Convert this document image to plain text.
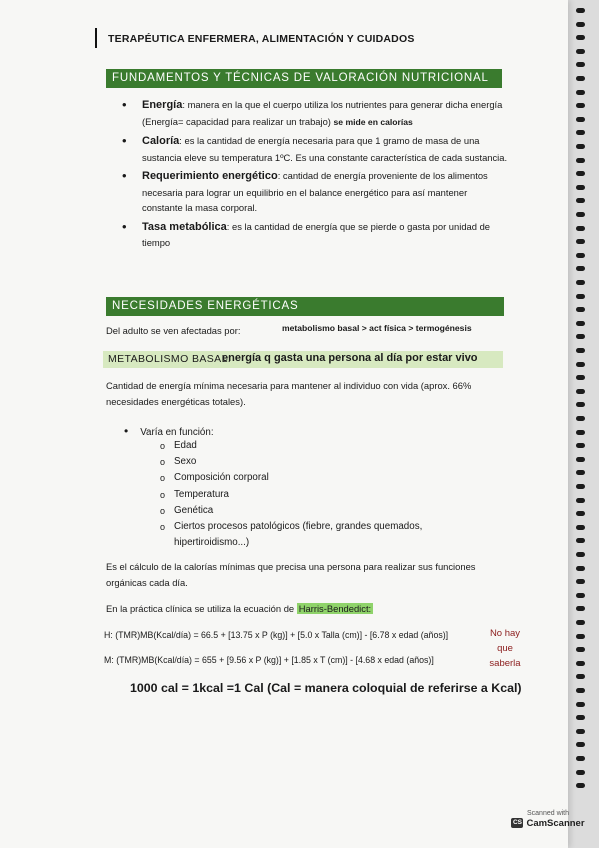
TERAPÉUTICA ENFERMERA, ALIMENTACIÓN Y CUIDADOS
FUNDAMENTOS Y TÉCNICAS DE VALORACIÓN NUTRICIONAL
• Energía: manera en la que el cuerpo utiliza los nutrientes para generar dicha energía (Energía= capacidad para realizar un trabajo) se mide en calorías
• Caloría: es la cantidad de energía necesaria para que 1 gramo de masa de una sustancia eleve su temperatura 1ºC. Es una constante característica de cada sustancia.
• Requerimiento energético: cantidad de energía proveniente de los alimentos necesaria para lograr un equilibrio en el balance energético para así mantener constante la masa corporal.
• Tasa metabólica: es la cantidad de energía que se pierde o gasta por unidad de tiempo
NECESIDADES ENERGÉTICAS
Del adulto se ven afectadas por:	metabolismo basal > act física > termogénesis
METABOLISMO BASAL:
energía q gasta una persona al día por estar vivo
Cantidad de energía mínima necesaria para mantener al individuo con vida (aprox. 66% necesidades energéticas totales).
• Varía en función:
o Edad
o Sexo
o Composición corporal
o Temperatura
o Genética
o Ciertos procesos patológicos (fiebre, grandes quemados, hipertiroidismo...)
Es el cálculo de la calorías mínimas que precisa una persona para realizar sus funciones orgánicas cada día.
En la práctica clínica se utiliza la ecuación de Harris-Bendedict:
H: (TMR)MB(Kcal/día) = 66.5 + [13.75 x P (kg)] + [5.0 x Talla (cm)] - [6.78 x edad (años)]
M: (TMR)MB(Kcal/día) = 655 + [9.56 x P (kg)] + [1.85 x T (cm)] - [4.68 x edad (años)]
No hay
que
saberla
1000 cal = 1kcal =1 Cal (Cal = manera coloquial de referirse a Kcal)
Scanned with
CS CamScanner
